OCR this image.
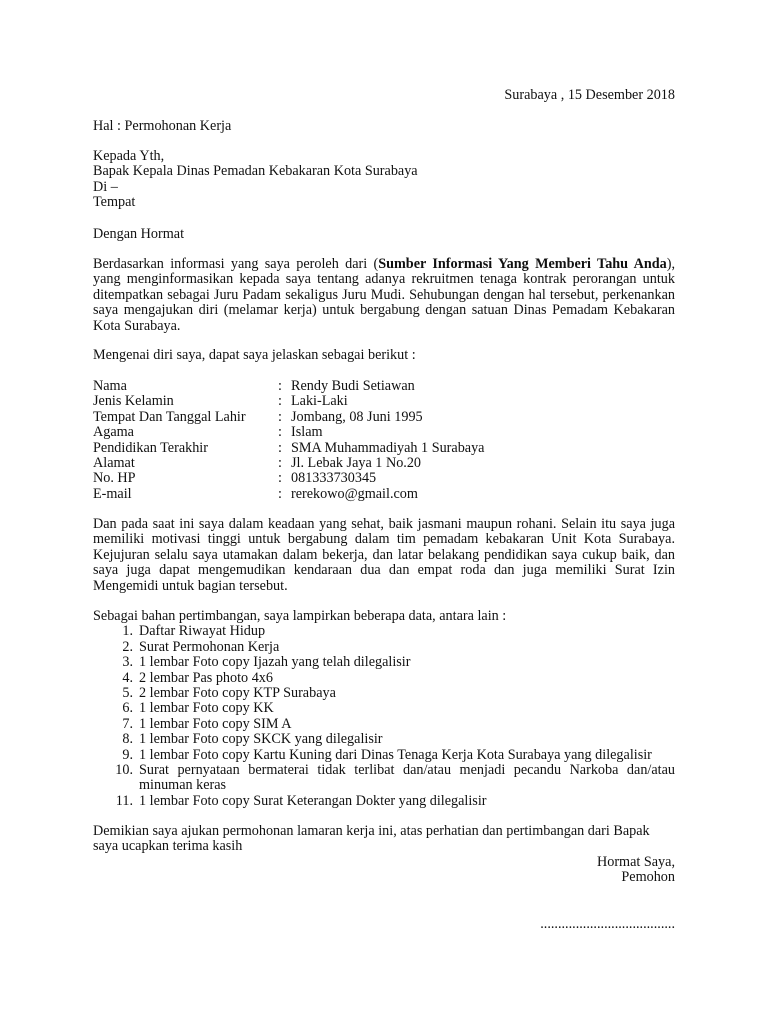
Surabaya , 15 Desember 2018
Hal : Permohonan Kerja
Kepada Yth,
Bapak Kepala Dinas Pemadan Kebakaran Kota Surabaya
Di –
Tempat
Dengan Hormat
Berdasarkan informasi yang saya peroleh dari (Sumber Informasi Yang Memberi Tahu Anda), yang menginformasikan kepada saya tentang adanya rekruitmen tenaga kontrak perorangan untuk ditempatkan sebagai Juru Padam sekaligus Juru Mudi. Sehubungan dengan hal tersebut, perkenankan saya mengajukan diri (melamar kerja) untuk bergabung dengan satuan Dinas Pemadam Kebakaran Kota Surabaya.
Mengenai diri saya, dapat saya jelaskan sebagai berikut :
Nama	: Rendy Budi Setiawan
Jenis Kelamin	: Laki-Laki
Tempat Dan Tanggal Lahir	: Jombang, 08 Juni 1995
Agama	: Islam
Pendidikan Terakhir	: SMA Muhammadiyah 1 Surabaya
Alamat	: Jl. Lebak Jaya 1 No.20
No. HP	: 081333730345
E-mail	: rerekowo@gmail.com
Dan pada saat ini saya dalam keadaan yang sehat, baik jasmani maupun rohani. Selain itu saya juga memiliki motivasi tinggi untuk bergabung dalam tim pemadam kebakaran Unit Kota Surabaya. Kejujuran selalu saya utamakan dalam bekerja, dan latar belakang pendidikan saya cukup baik, dan saya juga dapat mengemudikan kendaraan dua dan empat roda dan juga memiliki Surat Izin Mengemidi untuk bagian tersebut.
Sebagai bahan pertimbangan, saya lampirkan beberapa data, antara lain :
1. Daftar Riwayat Hidup
2. Surat Permohonan Kerja
3. 1 lembar Foto copy Ijazah yang telah dilegalisir
4. 2 lembar Pas photo 4x6
5. 2 lembar Foto copy KTP Surabaya
6. 1 lembar Foto copy KK
7. 1 lembar Foto copy SIM A
8. 1 lembar Foto copy SKCK yang dilegalisir
9. 1 lembar Foto copy Kartu Kuning dari Dinas Tenaga Kerja Kota Surabaya yang dilegalisir
10. Surat pernyataan bermaterai tidak terlibat dan/atau menjadi pecandu Narkoba dan/atau minuman keras
11. 1 lembar Foto copy Surat Keterangan Dokter yang dilegalisir
Demikian saya ajukan permohonan lamaran kerja ini, atas perhatian dan pertimbangan dari Bapak saya ucapkan terima kasih
Hormat Saya,
Pemohon
......................................
